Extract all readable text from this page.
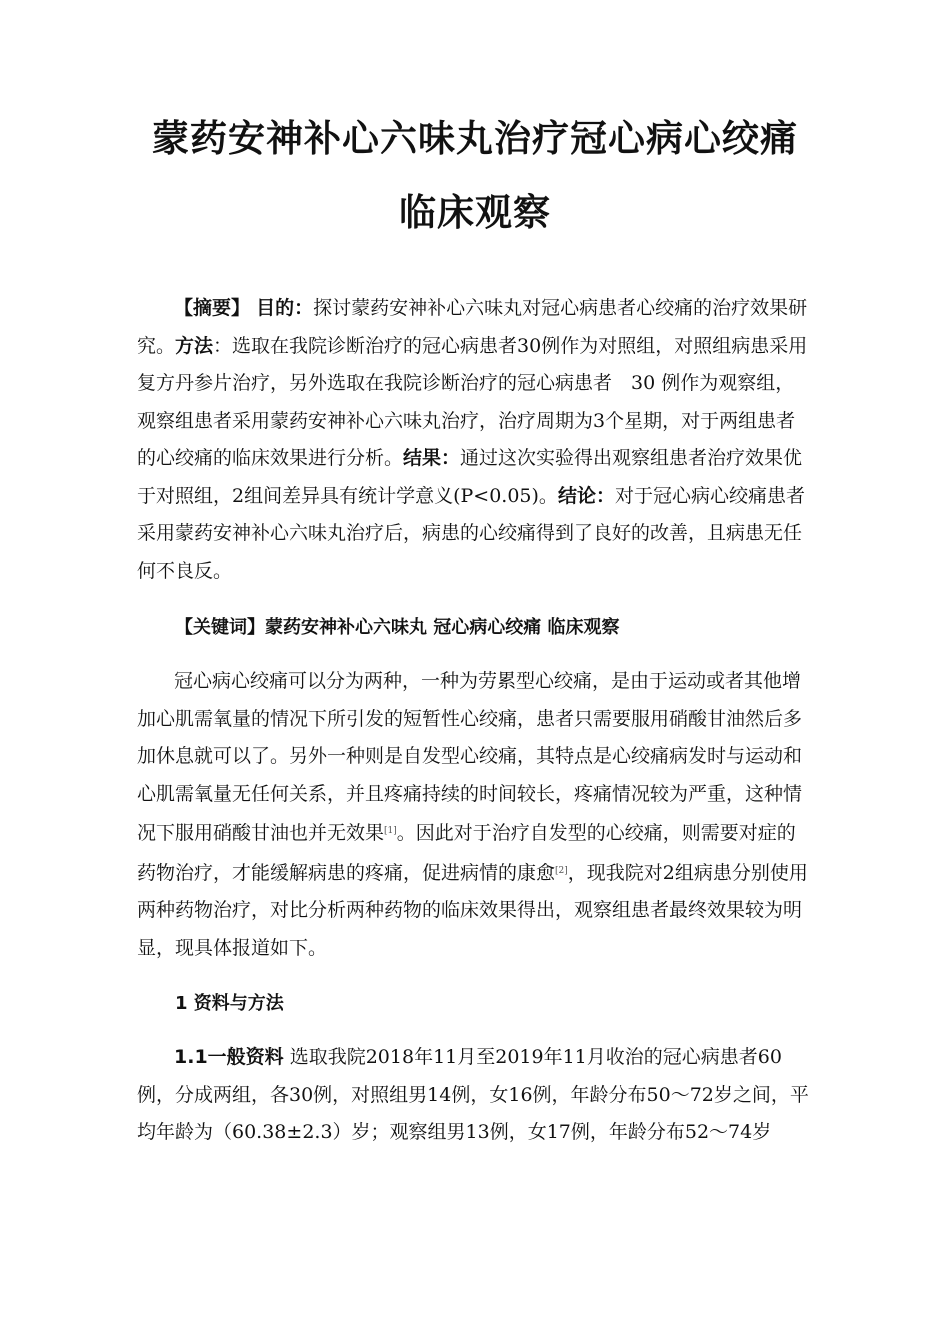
蒙药安神补心六味丸治疗冠心病心绞痛
临床观察
【摘要】 目的：探讨蒙药安神补心六味丸对冠心病患者心绞痛的治疗效果研究。方法：选取在我院诊断治疗的冠心病患者30例作为对照组，对照组病患采用复方丹参片治疗，另外选取在我院诊断治疗的冠心病患者　30 例作为观察组，观察组患者采用蒙药安神补心六味丸治疗，治疗周期为3个星期，对于两组患者的心绞痛的临床效果进行分析。结果：通过这次实验得出观察组患者治疗效果优于对照组，2组间差异具有统计学意义(P<0.05)。结论：对于冠心病心绞痛患者采用蒙药安神补心六味丸治疗后，病患的心绞痛得到了良好的改善，且病患无任何不良反。
【关键词】蒙药安神补心六味丸 冠心病心绞痛 临床观察
冠心病心绞痛可以分为两种，一种为劳累型心绞痛，是由于运动或者其他增加心肌需氧量的情况下所引发的短暂性心绞痛，患者只需要服用硝酸甘油然后多加休息就可以了。另外一种则是自发型心绞痛，其特点是心绞痛病发时与运动和心肌需氧量无任何关系，并且疼痛持续的时间较长，疼痛情况较为严重，这种情况下服用硝酸甘油也并无效果[1]。因此对于治疗自发型的心绞痛，则需要对症的药物治疗，才能缓解病患的疼痛，促进病情的康愈[2]，现我院对2组病患分别使用两种药物治疗，对比分析两种药物的临床效果得出，观察组患者最终效果较为明显，现具体报道如下。
1 资料与方法
1.1一般资料 选取我院2018年11月至2019年11月收治的冠心病患者60例，分成两组，各30例，对照组男14例，女16例，年龄分布50～72岁之间，平均年龄为（60.38±2.3）岁；观察组男13例，女17例，年龄分布52～74岁
